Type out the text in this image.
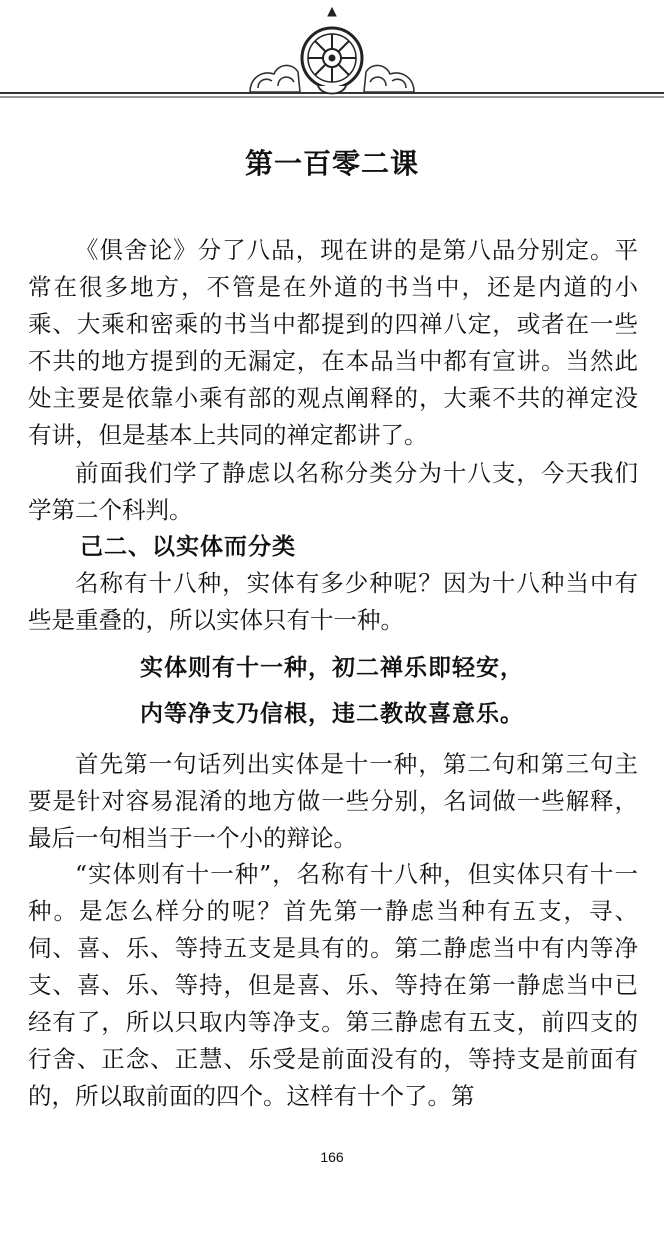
第一百零二课

《俱舍论》分了八品，现在讲的是第八品分别定。平常在很多地方，不管是在外道的书当中，还是内道的小乘、大乘和密乘的书当中都提到的四禅八定，或者在一些不共的地方提到的无漏定，在本品当中都有宣讲。当然此处主要是依靠小乘有部的观点阐释的，大乘不共的禅定没有讲，但是基本上共同的禅定都讲了。

前面我们学了静虑以名称分类分为十八支，今天我们学第二个科判。

己二、以实体而分类

名称有十八种，实体有多少种呢？因为十八种当中有些是重叠的，所以实体只有十一种。

实体则有十一种，初二禅乐即轻安，
内等净支乃信根，违二教故喜意乐。

首先第一句话列出实体是十一种，第二句和第三句主要是针对容易混淆的地方做一些分别，名词做一些解释，最后一句相当于一个小的辩论。

“实体则有十一种”，名称有十八种，但实体只有十一种。是怎么样分的呢？首先第一静虑当种有五支，寻、伺、喜、乐、等持五支是具有的。第二静虑当中有内等净支、喜、乐、等持，但是喜、乐、等持在第一静虑当中已经有了，所以只取内等净支。第三静虑有五支，前四支的行舍、正念、正慧、乐受是前面没有的，等持支是前面有的，所以取前面的四个。这样有十个了。第

166
